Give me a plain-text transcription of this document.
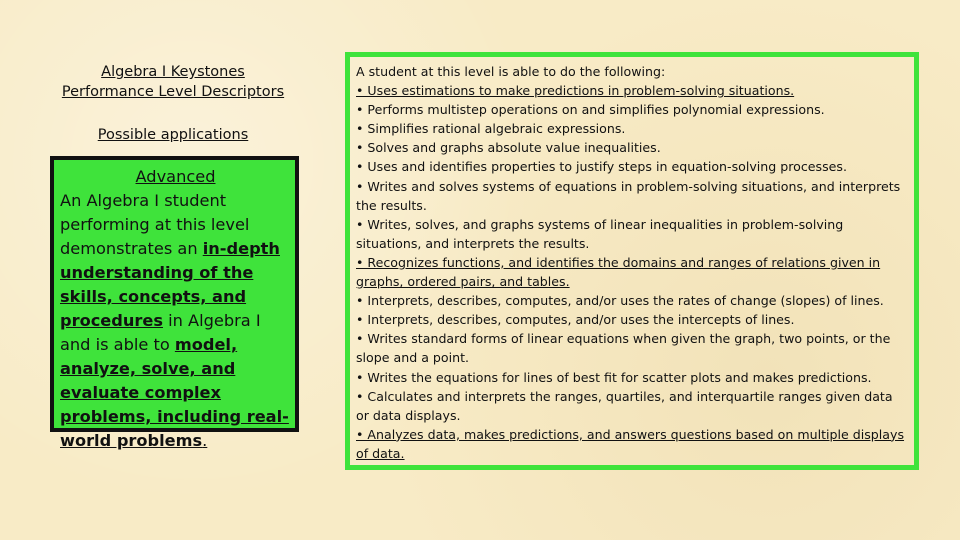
Algebra I Keystones
Performance Level Descriptors
Possible applications
Advanced
An Algebra I student performing at this level demonstrates an in-depth understanding of the skills, concepts, and procedures in Algebra I and is able to model, analyze, solve, and evaluate complex problems, including real-world problems.

A student at this level is able to do the following:

• Uses estimations to make predictions in problem-solving situations.

• Performs multistep operations on and simplifies polynomial expressions.

• Simplifies rational algebraic expressions.

• Solves and graphs absolute value inequalities.

• Uses and identifies properties to justify steps in equation-solving processes.

• Writes and solves systems of equations in problem-solving situations, and interprets the results.

• Writes, solves, and graphs systems of linear inequalities in problem-solving situations, and interprets the results.

• Recognizes functions, and identifies the domains and ranges of relations given in graphs, ordered pairs, and tables.

• Interprets, describes, computes, and/or uses the rates of change (slopes) of lines.

• Interprets, describes, computes, and/or uses the intercepts of lines.

• Writes standard forms of linear equations when given the graph, two points, or the slope and a point.

• Writes the equations for lines of best fit for scatter plots and makes predictions.

• Calculates and interprets the ranges, quartiles, and interquartile ranges given data or data displays.

• Analyzes data, makes predictions, and answers questions based on multiple displays of data.
